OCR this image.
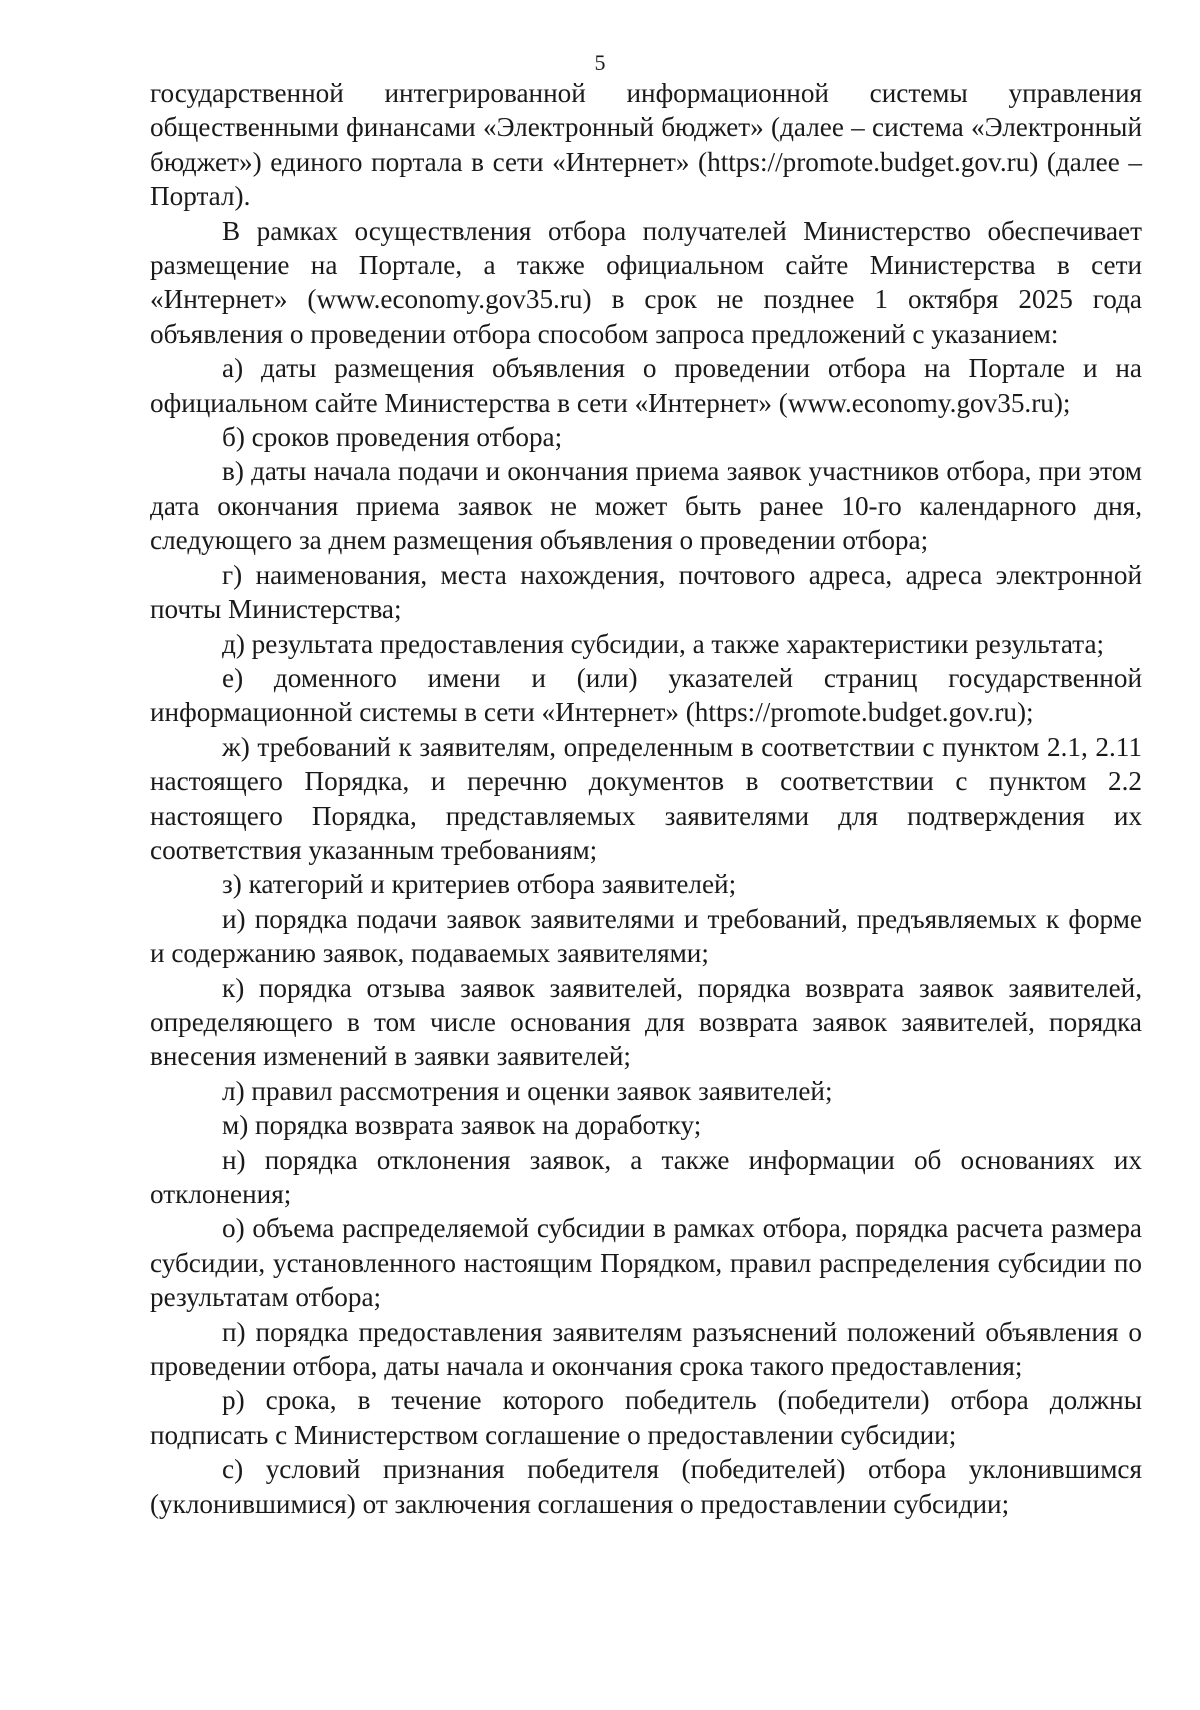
5

государственной интегрированной информационной системы управления общественными финансами «Электронный бюджет» (далее – система «Электронный бюджет») единого портала в сети «Интернет» (https://promote.budget.gov.ru) (далее – Портал).

В рамках осуществления отбора получателей Министерство обеспечивает размещение на Портале, а также официальном сайте Министерства в сети «Интернет» (www.economy.gov35.ru) в срок не позднее 1 октября 2025 года объявления о проведении отбора способом запроса предложений с указанием:

а) даты размещения объявления о проведении отбора на Портале и на официальном сайте Министерства в сети «Интернет» (www.economy.gov35.ru);

б) сроков проведения отбора;

в) даты начала подачи и окончания приема заявок участников отбора, при этом дата окончания приема заявок не может быть ранее 10-го календарного дня, следующего за днем размещения объявления о проведении отбора;

г) наименования, места нахождения, почтового адреса, адреса электронной почты Министерства;

д) результата предоставления субсидии, а также характеристики результата;

е) доменного имени и (или) указателей страниц государственной информационной системы в сети «Интернет» (https://promote.budget.gov.ru);

ж) требований к заявителям, определенным в соответствии с пунктом 2.1, 2.11 настоящего Порядка, и перечню документов в соответствии с пунктом 2.2 настоящего Порядка, представляемых заявителями для подтверждения их соответствия указанным требованиям;

з) категорий и критериев отбора заявителей;

и) порядка подачи заявок заявителями и требований, предъявляемых к форме и содержанию заявок, подаваемых заявителями;

к) порядка отзыва заявок заявителей, порядка возврата заявок заявителей, определяющего в том числе основания для возврата заявок заявителей, порядка внесения изменений в заявки заявителей;

л) правил рассмотрения и оценки заявок заявителей;

м) порядка возврата заявок на доработку;

н) порядка отклонения заявок, а также информации об основаниях их отклонения;

о) объема распределяемой субсидии в рамках отбора, порядка расчета размера субсидии, установленного настоящим Порядком, правил распределения субсидии по результатам отбора;

п) порядка предоставления заявителям разъяснений положений объявления о проведении отбора, даты начала и окончания срока такого предоставления;

р) срока, в течение которого победитель (победители) отбора должны подписать с Министерством соглашение о предоставлении субсидии;

с) условий признания победителя (победителей) отбора уклонившимся (уклонившимися) от заключения соглашения о предоставлении субсидии;
